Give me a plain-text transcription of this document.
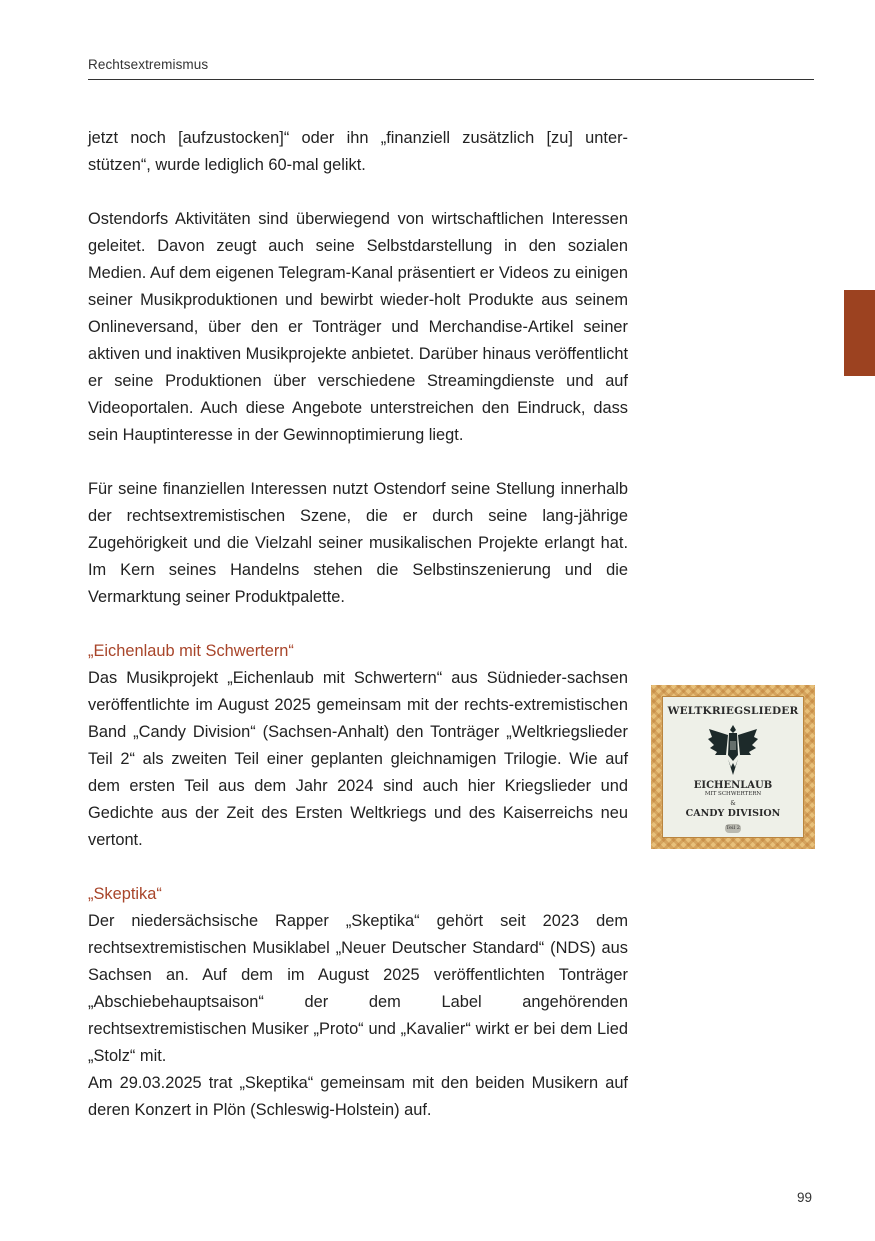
Rechtsextremismus

jetzt noch [aufzustocken]“ oder ihn „finanziell zusätzlich [zu] unter-stützen“, wurde lediglich 60-mal gelikt.

Ostendorfs Aktivitäten sind überwiegend von wirtschaftlichen Interessen geleitet. Davon zeugt auch seine Selbstdarstellung in den sozialen Medien. Auf dem eigenen Telegram-Kanal präsentiert er Videos zu einigen seiner Musikproduktionen und bewirbt wieder-holt Produkte aus seinem Onlineversand, über den er Tonträger und Merchandise-Artikel seiner aktiven und inaktiven Musikprojekte anbietet. Darüber hinaus veröffentlicht er seine Produktionen über verschiedene Streamingdienste und auf Videoportalen. Auch diese Angebote unterstreichen den Eindruck, dass sein Hauptinteresse in der Gewinnoptimierung liegt.

Für seine finanziellen Interessen nutzt Ostendorf seine Stellung innerhalb der rechtsextremistischen Szene, die er durch seine lang-jährige Zugehörigkeit und die Vielzahl seiner musikalischen Projekte erlangt hat. Im Kern seines Handelns stehen die Selbstinszenierung und die Vermarktung seiner Produktpalette.

„Eichenlaub mit Schwertern“

Das Musikprojekt „Eichenlaub mit Schwertern“ aus Südnieder-sachsen veröffentlichte im August 2025 gemeinsam mit der rechts-extremistischen Band „Candy Division“ (Sachsen-Anhalt) den Tonträger „Weltkriegslieder Teil 2“ als zweiten Teil einer geplanten gleichnamigen Trilogie. Wie auf dem ersten Teil aus dem Jahr 2024 sind auch hier Kriegslieder und Gedichte aus der Zeit des Ersten Weltkriegs und des Kaiserreichs neu vertont.

„Skeptika“

Der niedersächsische Rapper „Skeptika“ gehört seit 2023 dem rechtsextremistischen Musiklabel „Neuer Deutscher Standard“ (NDS) aus Sachsen an. Auf dem im August 2025 veröffentlichten Tonträger „Abschiebehauptsaison“ der dem Label angehörenden rechtsextremistischen Musiker „Proto“ und „Kavalier“ wirkt er bei dem Lied „Stolz“ mit.

Am 29.03.2025 trat „Skeptika“ gemeinsam mit den beiden Musikern auf deren Konzert in Plön (Schleswig-Holstein) auf.

WELTKRIEGSLIEDER
EICHENLAUB
MIT SCHWERTERN
&
CANDY DIVISION
Teil 2
99
